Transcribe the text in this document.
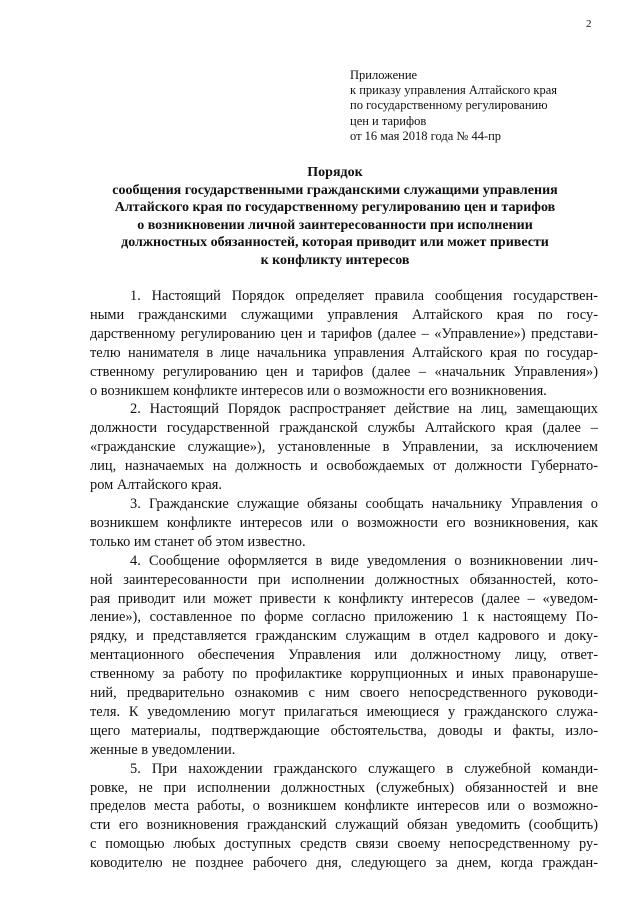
2
Приложение
к приказу управления Алтайского края
по государственному регулированию
цен и тарифов
от 16 мая 2018 года № 44-пр
Порядок
сообщения государственными гражданскими служащими управления
Алтайского края по государственному регулированию цен и тарифов
о возникновении личной заинтересованности при исполнении
должностных обязанностей, которая приводит или может привести
к конфликту интересов

1. Настоящий Порядок определяет правила сообщения государствен-
ными гражданскими служащими управления Алтайского края по госу-
дарственному регулированию цен и тарифов (далее – «Управление») представи-
телю нанимателя в лице начальника управления Алтайского края по государ-
ственному регулированию цен и тарифов (далее – «начальник Управления»)
о возникшем конфликте интересов или о возможности его возникновения.

2. Настоящий Порядок распространяет действие на лиц, замещающих
должности государственной гражданской службы Алтайского края (далее –
«гражданские служащие»), установленные в Управлении, за исключением
лиц, назначаемых на должность и освобождаемых от должности Губернато-
ром Алтайского края.

3. Гражданские служащие обязаны сообщать начальнику Управления о
возникшем конфликте интересов или о возможности его возникновения, как
только им станет об этом известно.

4. Сообщение оформляется в виде уведомления о возникновении лич-
ной заинтересованности при исполнении должностных обязанностей, кото-
рая приводит или может привести к конфликту интересов (далее – «уведом-
ление»), составленное по форме согласно приложению 1 к настоящему По-
рядку, и представляется гражданским служащим в отдел кадрового и доку-
ментационного обеспечения Управления или должностному лицу, ответ-
ственному за работу по профилактике коррупционных и иных правонаруше-
ний, предварительно ознакомив с ним своего непосредственного руководи-
теля. К уведомлению могут прилагаться имеющиеся у гражданского служа-
щего материалы, подтверждающие обстоятельства, доводы и факты, изло-
женные в уведомлении.

5. При нахождении гражданского служащего в служебной команди-
ровке, не при исполнении должностных (служебных) обязанностей и вне
пределов места работы, о возникшем конфликте интересов или о возможно-
сти его возникновения гражданский служащий обязан уведомить (сообщить)
с помощью любых доступных средств связи своему непосредственному ру-
ководителю не позднее рабочего дня, следующего за днем, когда граждан-
